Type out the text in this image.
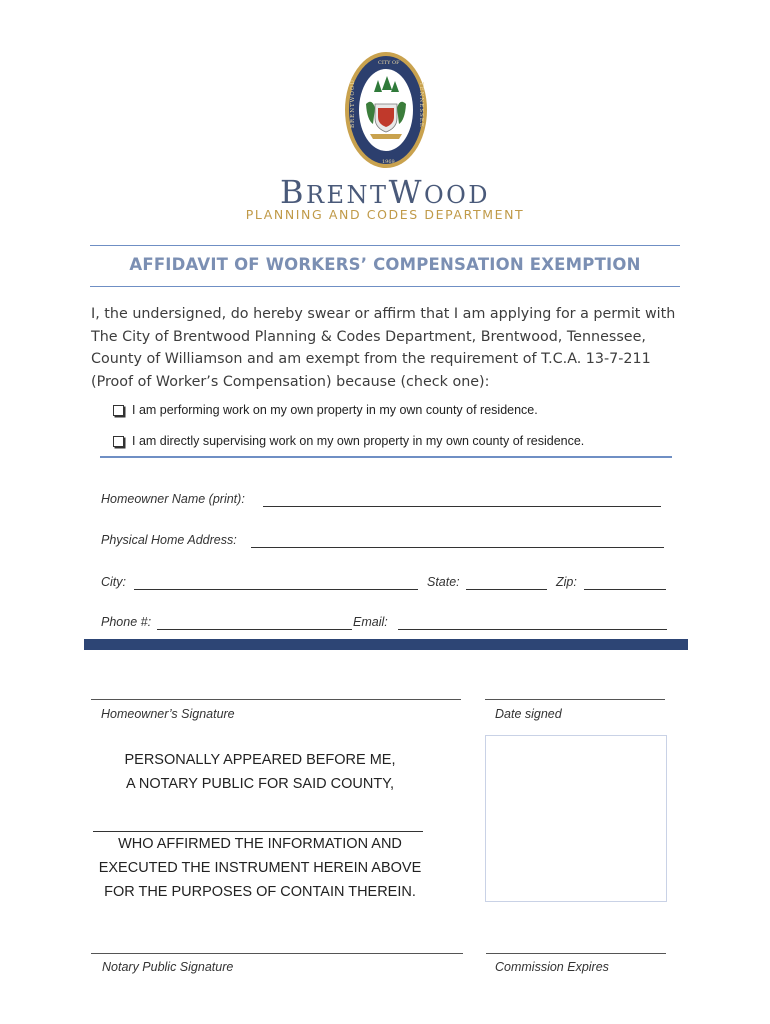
CITY OF
1969
BRENTWOOD	TENNESSEE
BRENTWOOD
PLANNING AND CODES DEPARTMENT
AFFIDAVIT OF WORKERS’ COMPENSATION EXEMPTION
I, the undersigned, do hereby swear or affirm that I am applying for a permit with
The City of Brentwood Planning & Codes Department, Brentwood, Tennessee,
County of Williamson and am exempt from the requirement of T.C.A. 13-7-211
(Proof of Worker’s Compensation) because (check one):
I am performing work on my own property in my own county of residence.
I am directly supervising work on my own property in my own county of residence.
Homeowner Name (print):
Physical Home Address:
City:	State:	Zip:
Phone #:	Email:
Homeowner’s Signature	Date signed
PERSONALLY APPEARED BEFORE ME,
A NOTARY PUBLIC FOR SAID COUNTY,
WHO AFFIRMED THE INFORMATION AND
EXECUTED THE INSTRUMENT HEREIN ABOVE
FOR THE PURPOSES OF CONTAIN THEREIN.
Notary Public Signature	Commission Expires
